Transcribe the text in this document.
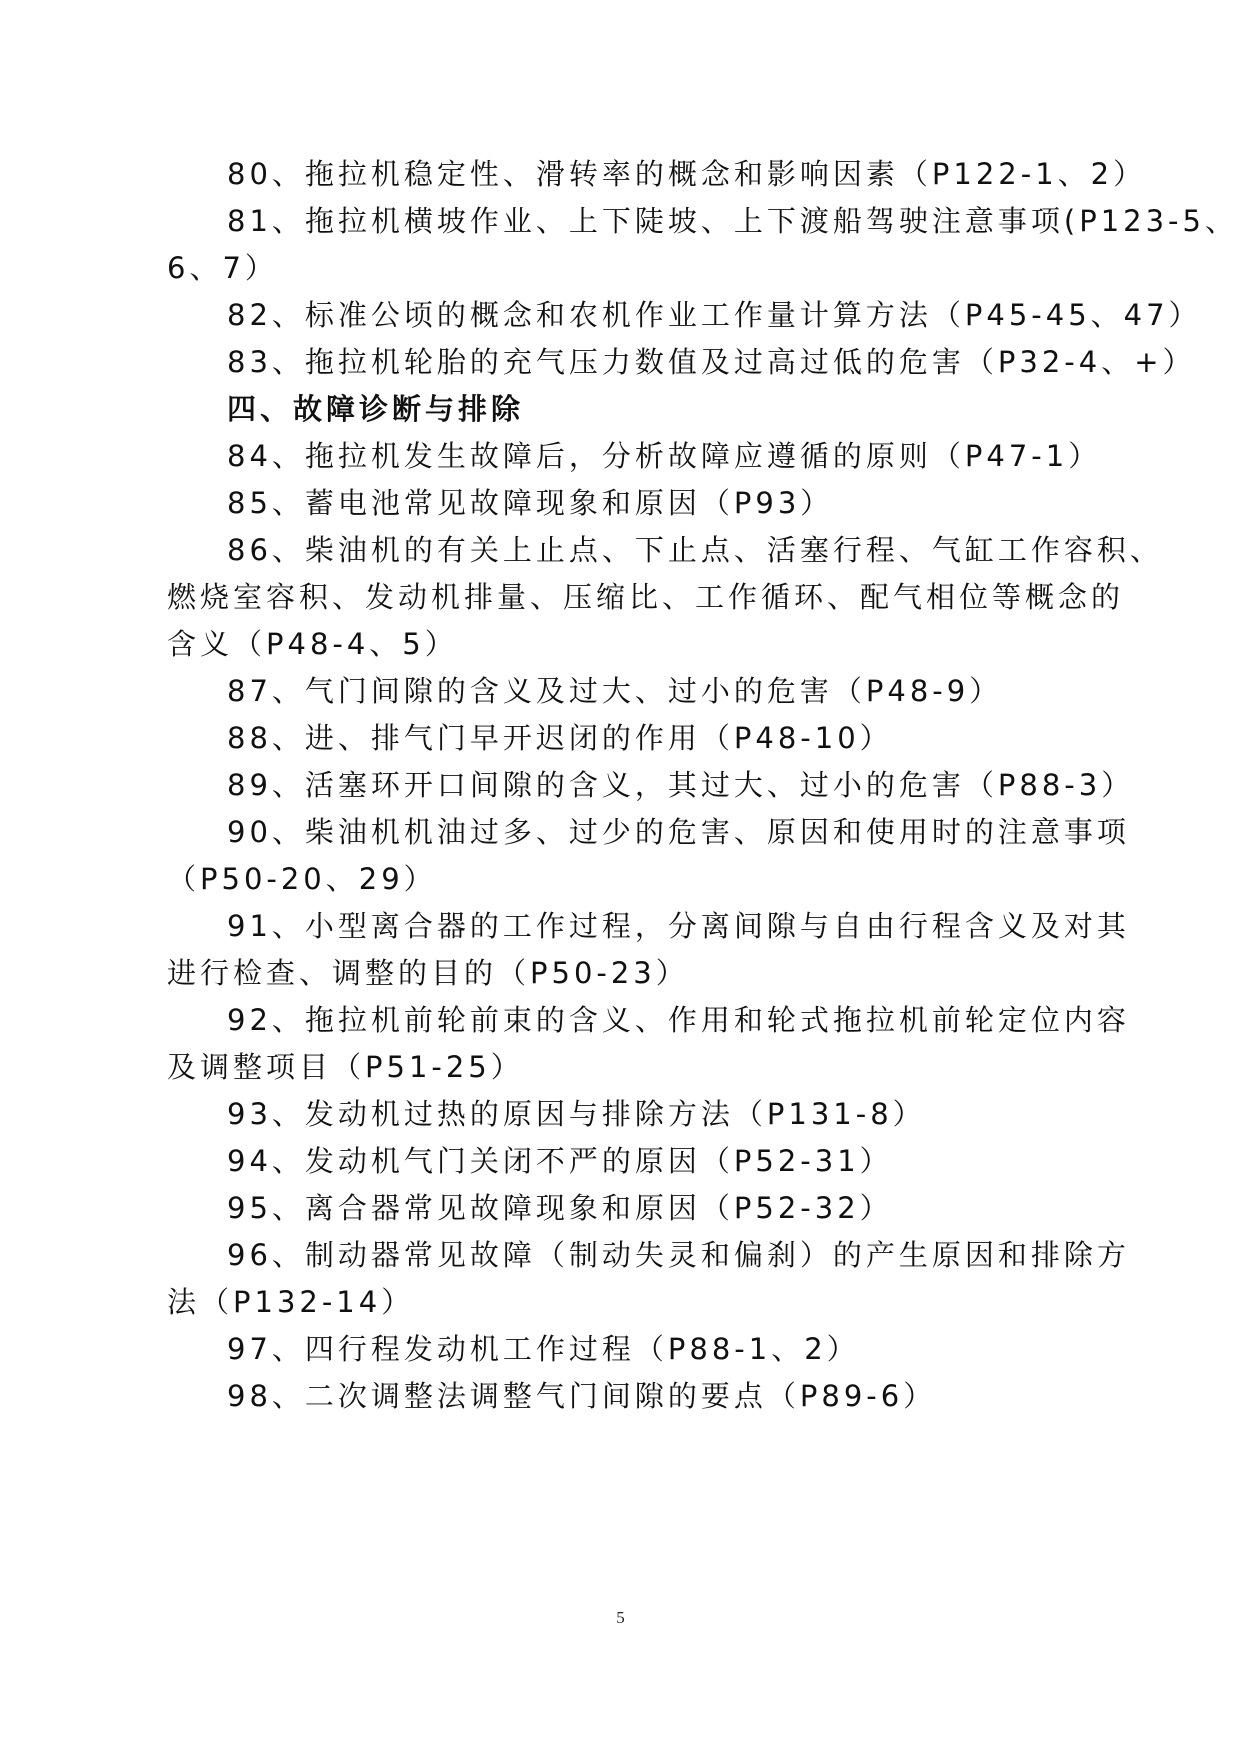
80、拖拉机稳定性、滑转率的概念和影响因素（P122-1、2）
81、拖拉机横坡作业、上下陡坡、上下渡船驾驶注意事项(P123-5、
6、7）
82、标准公顷的概念和农机作业工作量计算方法（P45-45、47）
83、拖拉机轮胎的充气压力数值及过高过低的危害（P32-4、+）
四、故障诊断与排除
84、拖拉机发生故障后，分析故障应遵循的原则（P47-1）
85、蓄电池常见故障现象和原因（P93）
86、柴油机的有关上止点、下止点、活塞行程、气缸工作容积、
燃烧室容积、发动机排量、压缩比、工作循环、配气相位等概念的
含义（P48-4、5）
87、气门间隙的含义及过大、过小的危害（P48-9）
88、进、排气门早开迟闭的作用（P48-10）
89、活塞环开口间隙的含义，其过大、过小的危害（P88-3）
90、柴油机机油过多、过少的危害、原因和使用时的注意事项
（P50-20、29）
91、小型离合器的工作过程，分离间隙与自由行程含义及对其
进行检查、调整的目的（P50-23）
92、拖拉机前轮前束的含义、作用和轮式拖拉机前轮定位内容
及调整项目（P51-25）
93、发动机过热的原因与排除方法（P131-8）
94、发动机气门关闭不严的原因（P52-31）
95、离合器常见故障现象和原因（P52-32）
96、制动器常见故障（制动失灵和偏刹）的产生原因和排除方
法（P132-14）
97、四行程发动机工作过程（P88-1、2）
98、二次调整法调整气门间隙的要点（P89-6）
5
